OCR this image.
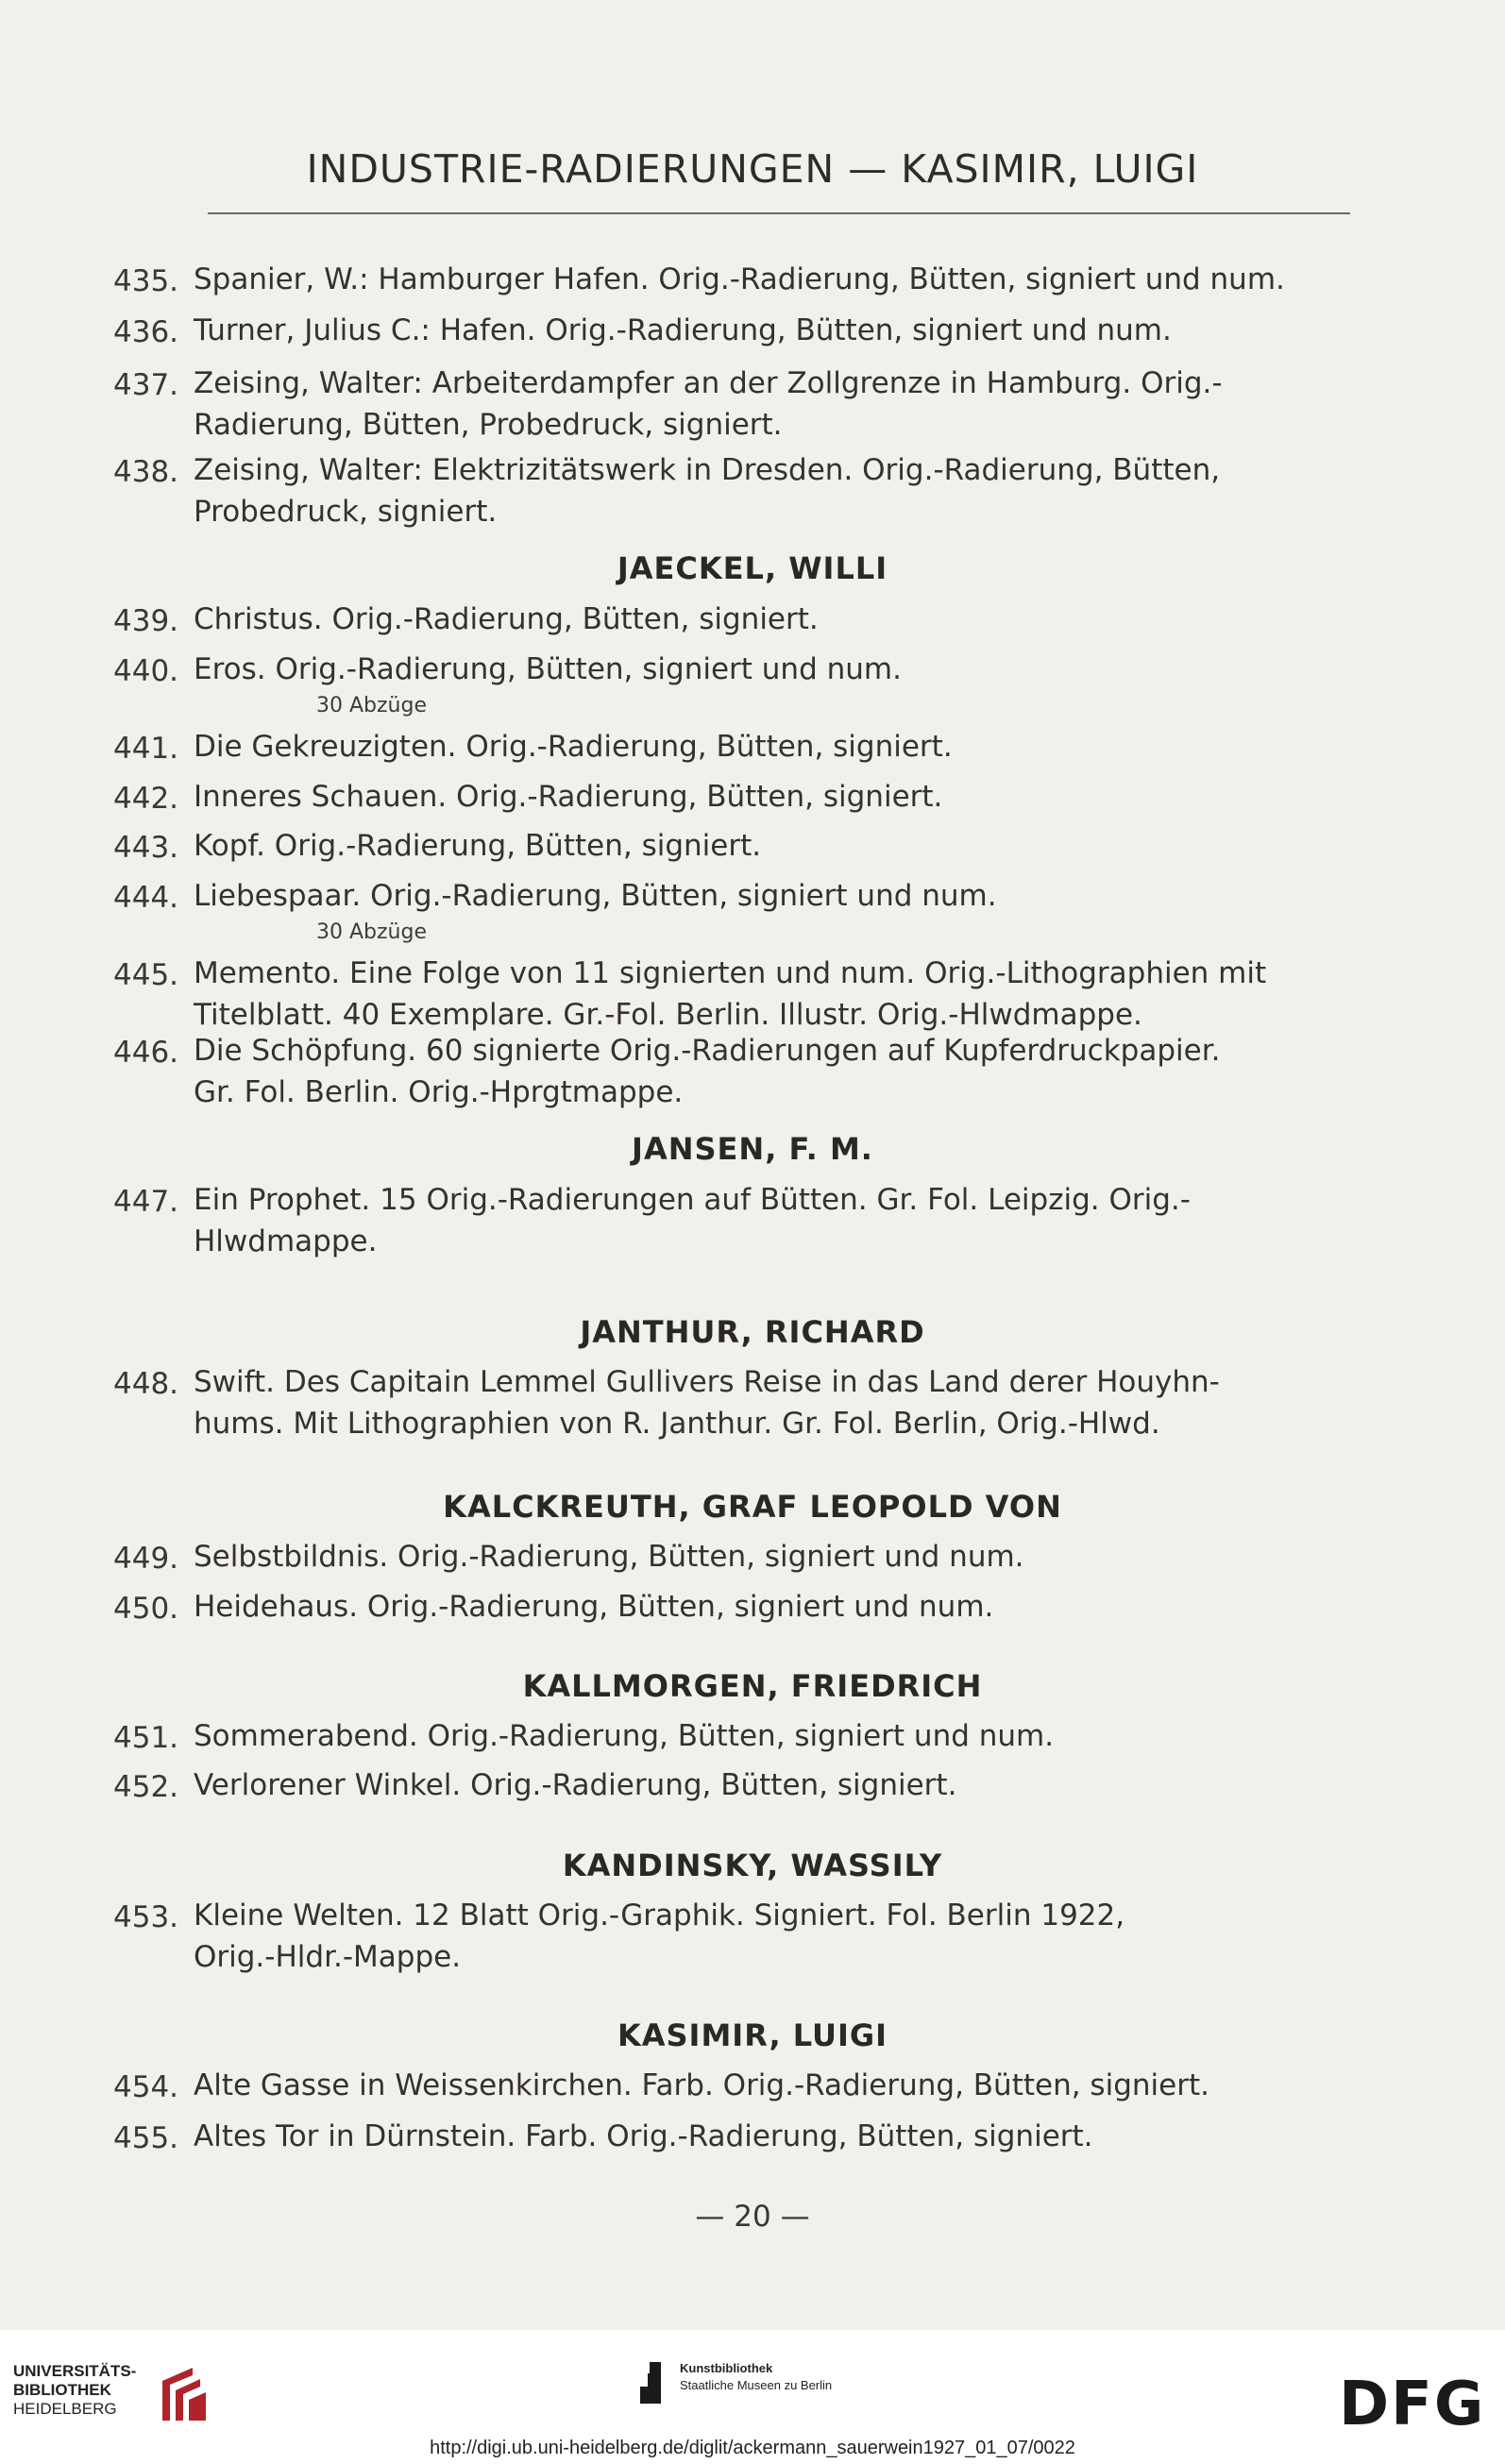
INDUSTRIE-RADIERUNGEN — KASIMIR, LUIGI
435. Spanier, W.: Hamburger Hafen. Orig.-Radierung, Bütten, signiert und num.
436. Turner, Julius C.: Hafen. Orig.-Radierung, Bütten, signiert und num.
437. Zeising, Walter: Arbeiterdampfer an der Zollgrenze in Hamburg. Orig.-
Radierung, Bütten, Probedruck, signiert.
438. Zeising, Walter: Elektrizitätswerk in Dresden. Orig.-Radierung, Bütten,
Probedruck, signiert.
JAECKEL, WILLI
439. Christus. Orig.-Radierung, Bütten, signiert.
440. Eros. Orig.-Radierung, Bütten, signiert und num.
30 Abzüge
441. Die Gekreuzigten. Orig.-Radierung, Bütten, signiert.
442. Inneres Schauen. Orig.-Radierung, Bütten, signiert.
443. Kopf. Orig.-Radierung, Bütten, signiert.
444. Liebespaar. Orig.-Radierung, Bütten, signiert und num.
30 Abzüge
445. Memento. Eine Folge von 11 signierten und num. Orig.-Lithographien mit
Titelblatt. 40 Exemplare. Gr.-Fol. Berlin. Illustr. Orig.-Hlwdmappe.
446. Die Schöpfung. 60 signierte Orig.-Radierungen auf Kupferdruckpapier.
Gr. Fol. Berlin. Orig.-Hprgtmappe.
JANSEN, F. M.
447. Ein Prophet. 15 Orig.-Radierungen auf Bütten. Gr. Fol. Leipzig. Orig.-
Hlwdmappe.
JANTHUR, RICHARD
448. Swift. Des Capitain Lemmel Gullivers Reise in das Land derer Houyhn-
hums. Mit Lithographien von R. Janthur. Gr. Fol. Berlin, Orig.-Hlwd.
KALCKREUTH, GRAF LEOPOLD VON
449. Selbstbildnis. Orig.-Radierung, Bütten, signiert und num.
450. Heidehaus. Orig.-Radierung, Bütten, signiert und num.
KALLMORGEN, FRIEDRICH
451. Sommerabend. Orig.-Radierung, Bütten, signiert und num.
452. Verlorener Winkel. Orig.-Radierung, Bütten, signiert.
KANDINSKY, WASSILY
453. Kleine Welten. 12 Blatt Orig.-Graphik. Signiert. Fol. Berlin 1922,
Orig.-Hldr.-Mappe.
KASIMIR, LUIGI
454. Alte Gasse in Weissenkirchen. Farb. Orig.-Radierung, Bütten, signiert.
455. Altes Tor in Dürnstein. Farb. Orig.-Radierung, Bütten, signiert.
— 20 —
UNIVERSITÄTS-
BIBLIOTHEK
HEIDELBERG
Kunstbibliothek
Staatliche Museen zu Berlin	DFG
http://digi.ub.uni-heidelberg.de/diglit/ackermann_sauerwein1927_01_07/0022
